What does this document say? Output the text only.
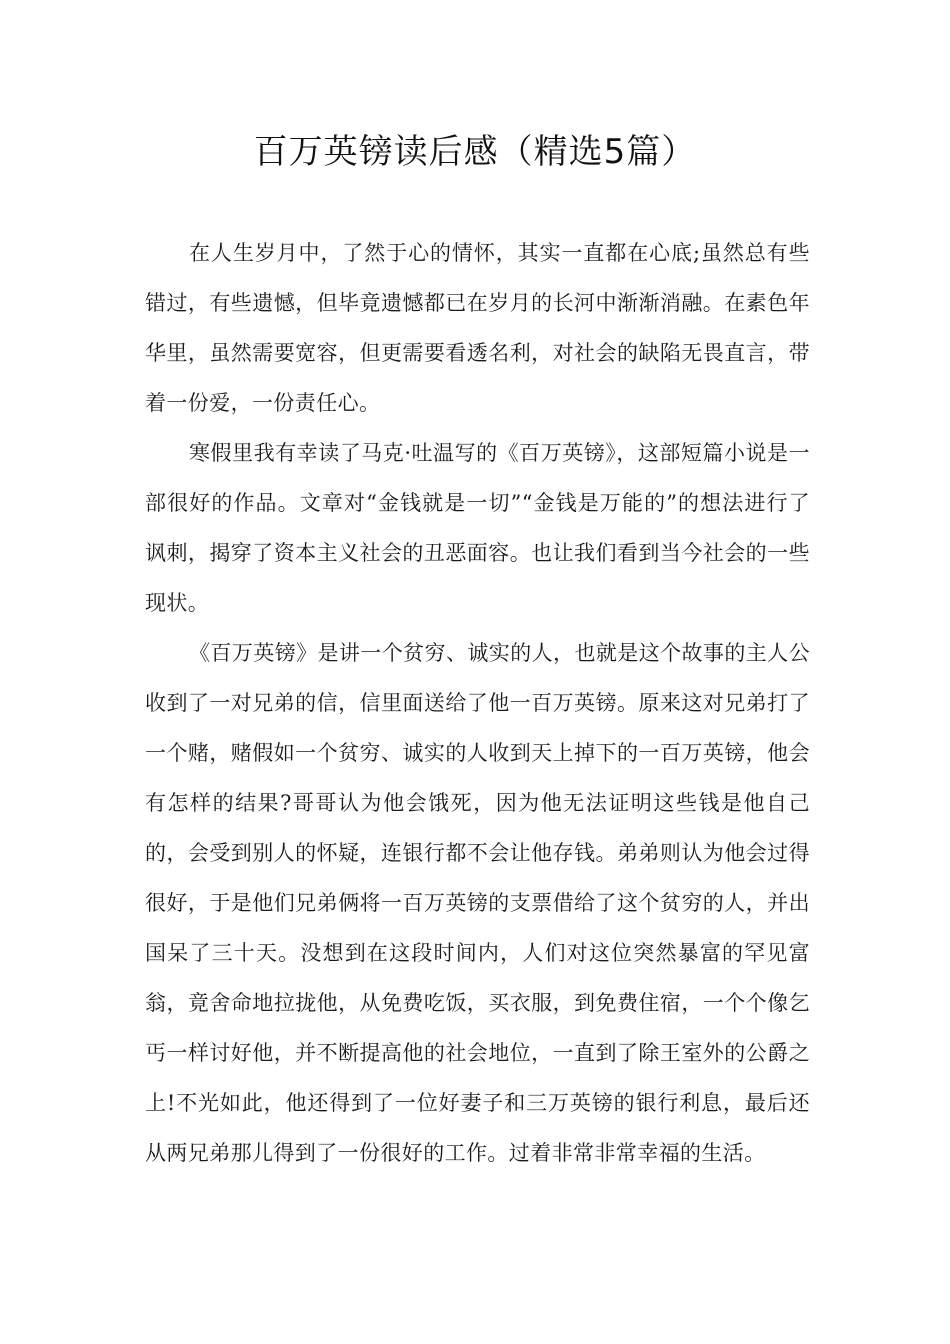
百万英镑读后感（精选5篇）

在人生岁月中，了然于心的情怀，其实一直都在心底;虽然总有些错过，有些遗憾，但毕竟遗憾都已在岁月的长河中渐渐消融。在素色年华里，虽然需要宽容，但更需要看透名利，对社会的缺陷无畏直言，带着一份爱，一份责任心。

寒假里我有幸读了马克·吐温写的《百万英镑》，这部短篇小说是一部很好的作品。文章对“金钱就是一切”“金钱是万能的”的想法进行了讽刺，揭穿了资本主义社会的丑恶面容。也让我们看到当今社会的一些现状。

《百万英镑》是讲一个贫穷、诚实的人，也就是这个故事的主人公收到了一对兄弟的信，信里面送给了他一百万英镑。原来这对兄弟打了一个赌，赌假如一个贫穷、诚实的人收到天上掉下的一百万英镑，他会有怎样的结果?哥哥认为他会饿死，因为他无法证明这些钱是他自己的，会受到别人的怀疑，连银行都不会让他存钱。弟弟则认为他会过得很好，于是他们兄弟俩将一百万英镑的支票借给了这个贫穷的人，并出国呆了三十天。没想到在这段时间内，人们对这位突然暴富的罕见富翁，竟舍命地拉拢他，从免费吃饭，买衣服，到免费住宿，一个个像乞丐一样讨好他，并不断提高他的社会地位，一直到了除王室外的公爵之上!不光如此，他还得到了一位好妻子和三万英镑的银行利息，最后还从两兄弟那儿得到了一份很好的工作。过着非常非常幸福的生活。
